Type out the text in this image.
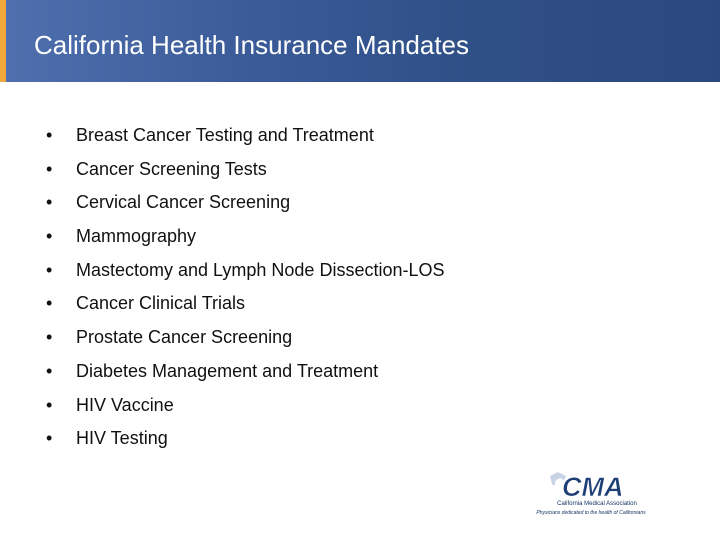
California Health Insurance Mandates
•	Breast Cancer Testing and Treatment
•	Cancer Screening Tests
•	Cervical Cancer Screening
•	Mammography
•	Mastectomy and Lymph Node Dissection-LOS
•	Cancer Clinical Trials
•	Prostate Cancer Screening
•	Diabetes Management and Treatment
•	HIV Vaccine
•	HIV Testing
CMA
California Medical Association
Physicians dedicated to the health of Californians
